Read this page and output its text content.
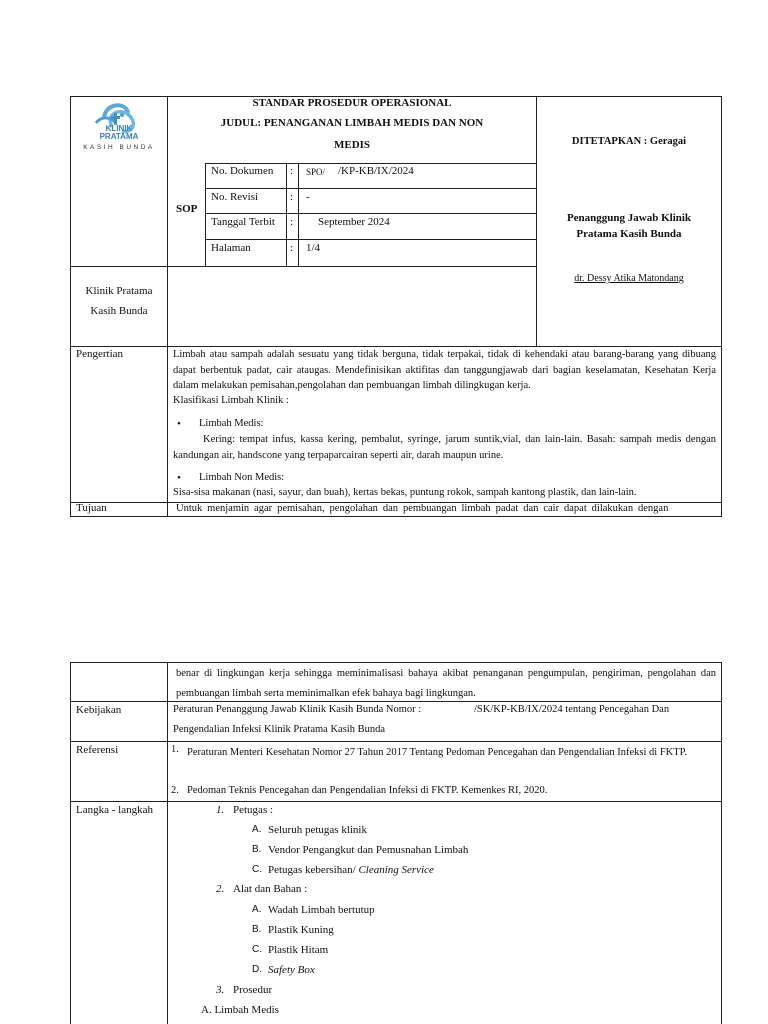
KLINIK
PRATAMA
KASIH BUNDA
STANDAR PROSEDUR OPERASIONAL
JUDUL: PENANGANAN LIMBAH MEDIS DAN NON
MEDIS
SOP
No. Dokumen : SPO/ /KP-KB/IX/2024
No. Revisi	: -
Tanggal Terbit : September 2024
Halaman	: 1/4
DITETAPKAN : Geragai
Penanggung Jawab Klinik
Pratama Kasih Bunda
dr. Dessy Atika Matondang
Klinik Pratama
Kasih Bunda
Pengertian	Limbah atau sampah adalah sesuatu yang tidak berguna, tidak terpakai, tidak di kehendaki atau barang-barang yang dibuang dapat berbentuk padat, cair ataugas. Mendefinisikan aktifitas dan tanggungjawab dari bagian keselamatan, Kesehatan Kerja dalam melakukan pemisahan,pengolahan dan pembuangan limbah dilingkugan kerja.
Klasifikasi Limbah Klinik :
• Limbah Medis:
Kering: tempat infus, kassa kering, pembalut, syringe, jarum suntik,vial, dan lain-lain. Basah: sampah medis dengan kandungan air, handscone yang terpaparcairan seperti air, darah maupun urine.
• Limbah Non Medis:
Sisa-sisa makanan (nasi, sayur, dan buah), kertas bekas, puntung rokok, sampah kantong plastik, dan lain-lain.
Tujuan	Untuk menjamin agar pemisahan, pengolahan dan pembuangan limbah padat dan cair dapat dilakukan dengan
benar di lingkungan kerja sehingga meminimalisasi bahaya akibat penanganan pengumpulan, pengiriman, pengolahan dan pembuangan limbah serta meminimalkan efek bahaya bagi lingkungan.
Kebijakan	Peraturan Penanggung Jawab Klinik Kasih Bunda Nomor :	/SK/KP-KB/IX/2024 tentang Pencegahan Dan
Pengendalian Infeksi Klinik Pratama Kasih Bunda
Referensi	1. Peraturan Menteri Kesehatan Nomor 27 Tahun 2017 Tentang Pedoman Pencegahan dan Pengendalian Infeksi di FKTP.
2. Pedoman Teknis Pencegahan dan Pengendalian Infeksi di FKTP. Kemenkes RI, 2020.
Langka - langkah	1. Petugas :
A. Seluruh petugas klinik
B. Vendor Pengangkut dan Pemusnahan Limbah
C. Petugas kebersihan/ Cleaning Service
2. Alat dan Bahan :
A. Wadah Limbah bertutup
B. Plastik Kuning
C. Plastik Hitam
D. Safety Box
3. Prosedur
A. Limbah Medis
